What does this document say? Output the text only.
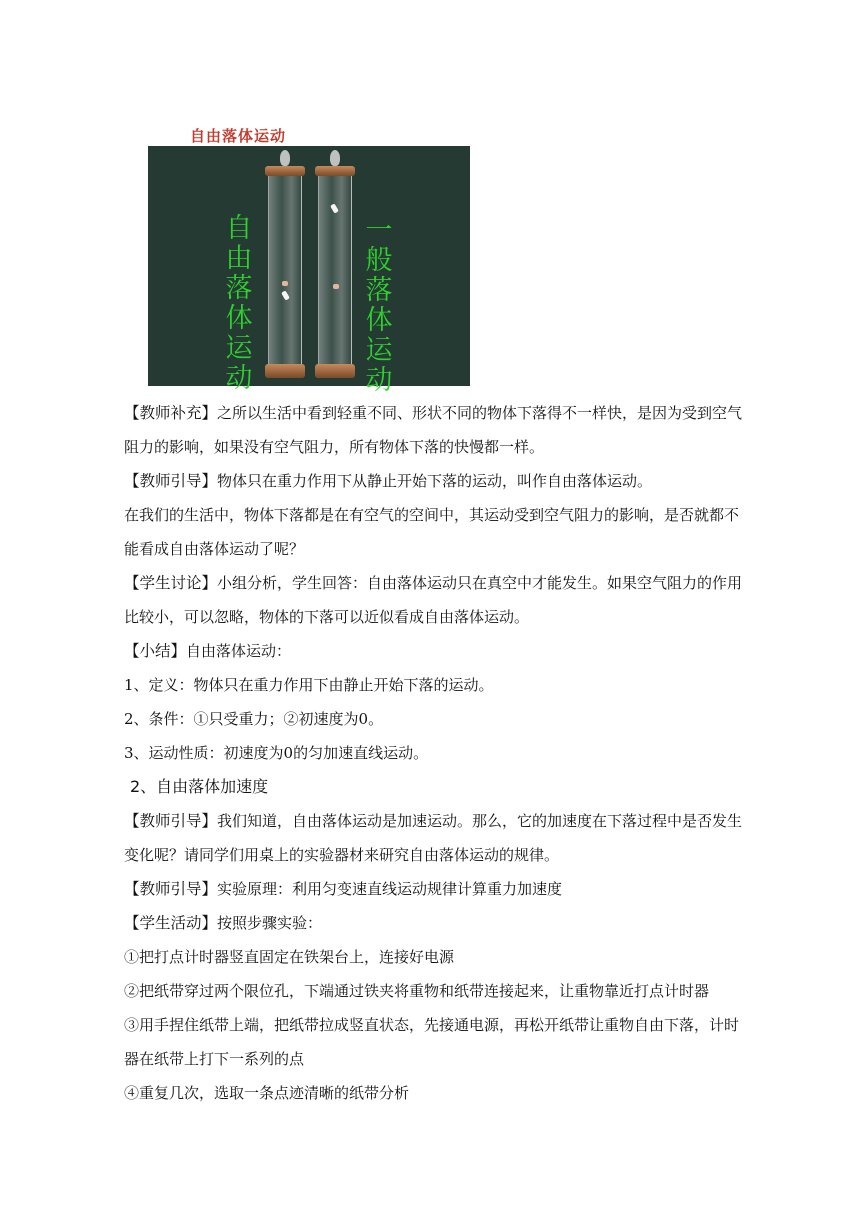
自由落体运动
自由落体运动
一般落体运动
【教师补充】之所以生活中看到轻重不同、形状不同的物体下落得不一样快，是因为受到空气阻力的影响，如果没有空气阻力，所有物体下落的快慢都一样。
【教师引导】物体只在重力作用下从静止开始下落的运动，叫作自由落体运动。
在我们的生活中，物体下落都是在有空气的空间中，其运动受到空气阻力的影响，是否就都不能看成自由落体运动了呢？
【学生讨论】小组分析，学生回答：自由落体运动只在真空中才能发生。如果空气阻力的作用比较小，可以忽略，物体的下落可以近似看成自由落体运动。
【小结】自由落体运动：
1、定义：物体只在重力作用下由静止开始下落的运动。
2、条件：①只受重力；②初速度为0。
3、运动性质：初速度为0的匀加速直线运动。
2、自由落体加速度
【教师引导】我们知道，自由落体运动是加速运动。那么，它的加速度在下落过程中是否发生变化呢？请同学们用桌上的实验器材来研究自由落体运动的规律。
【教师引导】实验原理：利用匀变速直线运动规律计算重力加速度
【学生活动】按照步骤实验：
①把打点计时器竖直固定在铁架台上，连接好电源
②把纸带穿过两个限位孔，下端通过铁夹将重物和纸带连接起来，让重物靠近打点计时器
③用手捏住纸带上端，把纸带拉成竖直状态，先接通电源，再松开纸带让重物自由下落，计时器在纸带上打下一系列的点
④重复几次，选取一条点迹清晰的纸带分析
